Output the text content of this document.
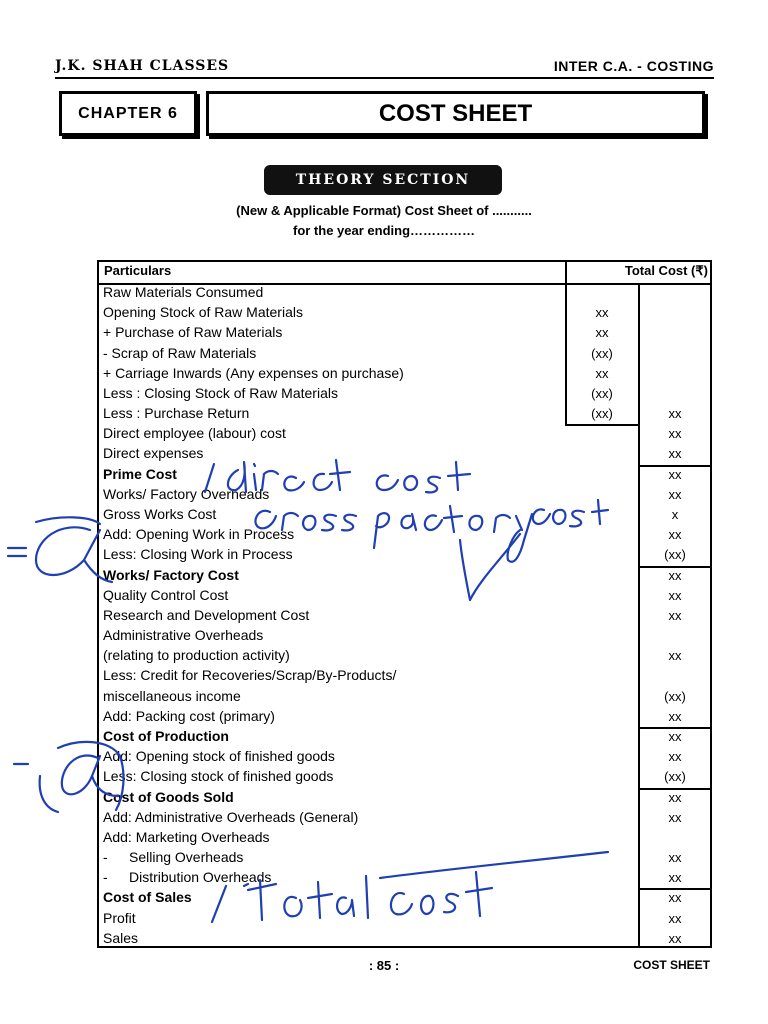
J.K. SHAH CLASSES	INTER C.A. - COSTING
CHAPTER 6	COST SHEET
THEORY SECTION
(New & Applicable Format) Cost Sheet of ...........
for the year ending……………
Particulars	Total Cost (₹)
Raw Materials Consumed
Opening Stock of Raw Materials	xx
+ Purchase of Raw Materials	xx
- Scrap of Raw Materials	(xx)
+ Carriage Inwards (Any expenses on purchase)	xx
Less : Closing Stock of Raw Materials	(xx)
Less : Purchase Return	(xx)	xx
Direct employee (labour) cost	xx
Direct expenses	xx
Prime Cost	xx
Works/ Factory Overheads	xx
Gross Works Cost	x
Add: Opening Work in Process	xx
Less: Closing Work in Process	(xx)
Works/ Factory Cost	xx
Quality Control Cost	xx
Research and Development Cost	xx
Administrative Overheads
(relating to production activity)	xx
Less: Credit for Recoveries/Scrap/By-Products/
miscellaneous income	(xx)
Add: Packing cost (primary)	xx
Cost of Production	xx
Add: Opening stock of finished goods	xx
Less: Closing stock of finished goods	(xx)
Cost of Goods Sold	xx
Add: Administrative Overheads (General)	xx
Add: Marketing Overheads
- Selling Overheads	xx
- Distribution Overheads	xx
Cost of Sales	xx
Profit	xx
Sales	xx
: 85 :	COST SHEET
